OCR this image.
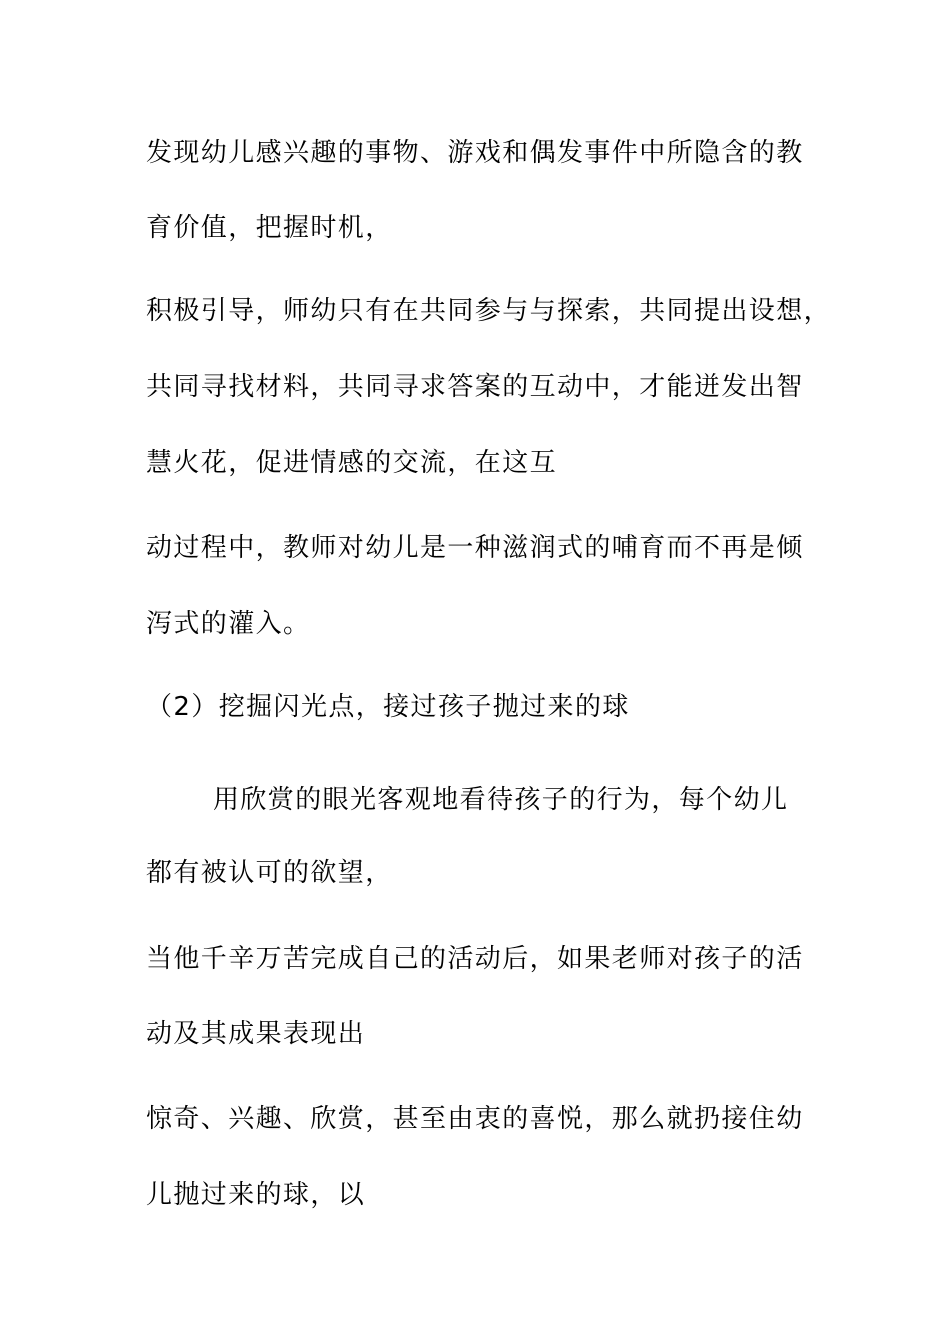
发现幼儿感兴趣的事物、游戏和偶发事件中所隐含的教
育价值，把握时机，
积极引导，师幼只有在共同参与与探索，共同提出设想，
共同寻找材料，共同寻求答案的互动中，才能迸发出智
慧火花，促进情感的交流，在这互
动过程中，教师对幼儿是一种滋润式的哺育而不再是倾
泻式的灌入。
（2）挖掘闪光点，接过孩子抛过来的球
用欣赏的眼光客观地看待孩子的行为，每个幼儿
都有被认可的欲望，
当他千辛万苦完成自己的活动后，如果老师对孩子的活
动及其成果表现出
惊奇、兴趣、欣赏，甚至由衷的喜悦，那么就扔接住幼
儿抛过来的球，以
